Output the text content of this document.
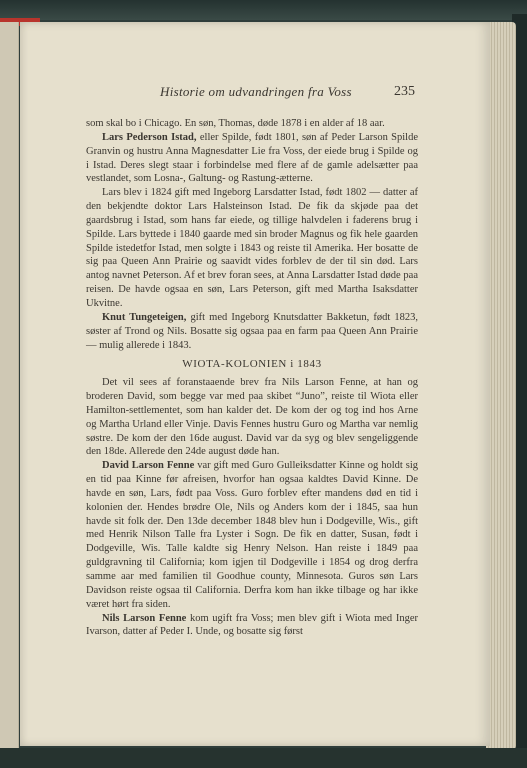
Historie om udvandringen fra Voss	235

som skal bo i Chicago. En søn, Thomas, døde 1878 i en alder af 18 aar.

Lars Pederson Istad, eller Spilde, født 1801, søn af Peder Larson Spilde Granvin og hustru Anna Magnesdatter Lie fra Voss, der eiede brug i Spilde og i Istad. Deres slegt staar i forbindelse med flere af de gamle adelsætter paa vestlandet, som Losna-, Galtung- og Rastung-ætterne.

Lars blev i 1824 gift med Ingeborg Larsdatter Istad, født 1802 — datter af den bekjendte doktor Lars Halsteinson Istad. De fik da skjøde paa det gaardsbrug i Istad, som hans far eiede, og tillige halvdelen i faderens brug i Spilde. Lars byttede i 1840 gaarde med sin broder Magnus og fik hele gaarden Spilde istedetfor Istad, men solgte i 1843 og reiste til Amerika. Her bosatte de sig paa Queen Ann Prairie og saavidt vides forblev de der til sin død. Lars antog navnet Peterson. Af et brev foran sees, at Anna Larsdatter Istad døde paa reisen. De havde ogsaa en søn, Lars Peterson, gift med Martha Isaksdatter Ukvitne.

Knut Tungeteigen, gift med Ingeborg Knutsdatter Bakketun, født 1823, søster af Trond og Nils. Bosatte sig ogsaa paa en farm paa Queen Ann Prairie — mulig allerede i 1843.

WIOTA-KOLONIEN i 1843

Det vil sees af foranstaaende brev fra Nils Larson Fenne, at han og broderen David, som begge var med paa skibet “Juno”, reiste til Wiota eller Hamilton-settlementet, som han kalder det. De kom der og tog ind hos Arne og Martha Urland eller Vinje. Davis Fennes hustru Guro og Martha var nemlig søstre. De kom der den 16de august. David var da syg og blev sengeliggende den 18de. Allerede den 24de august døde han.

David Larson Fenne var gift med Guro Gulleiksdatter Kinne og holdt sig en tid paa Kinne før afreisen, hvorfor han ogsaa kaldtes David Kinne. De havde en søn, Lars, født paa Voss. Guro forblev efter mandens død en tid i kolonien der. Hendes brødre Ole, Nils og Anders kom der i 1845, saa hun havde sit folk der. Den 13de december 1848 blev hun i Dodgeville, Wis., gift med Henrik Nilson Talle fra Lyster i Sogn. De fik en datter, Susan, født i Dodgeville, Wis. Talle kaldte sig Henry Nelson. Han reiste i 1849 paa guldgravning til California; kom igjen til Dodgeville i 1854 og drog derfra samme aar med familien til Goodhue county, Minnesota. Guros søn Lars Davidson reiste ogsaa til California. Derfra kom han ikke tilbage og har ikke været hørt fra siden.

Nils Larson Fenne kom ugift fra Voss; men blev gift i Wiota med Inger Ivarson, datter af Peder I. Unde, og bosatte sig først
